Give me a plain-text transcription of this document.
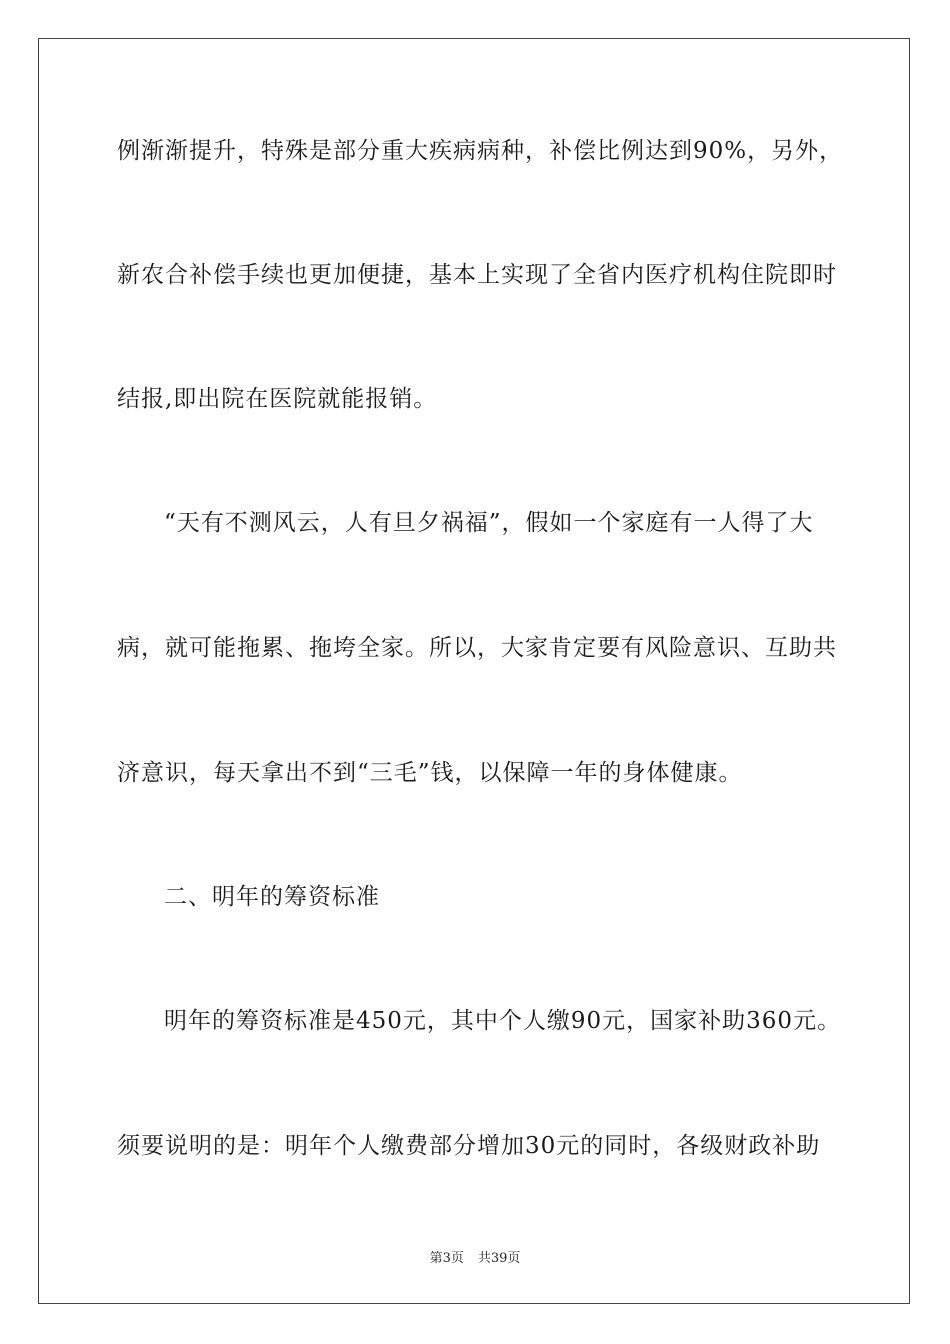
例渐渐提升，特殊是部分重大疾病病种，补偿比例达到90%，另外，
新农合补偿手续也更加便捷，基本上实现了全省内医疗机构住院即时
结报,即出院在医院就能报销。
“天有不测风云，人有旦夕祸福”，假如一个家庭有一人得了大
病，就可能拖累、拖垮全家。所以，大家肯定要有风险意识、互助共
济意识，每天拿出不到“三毛”钱，以保障一年的身体健康。
二、明年的筹资标准
明年的筹资标准是450元，其中个人缴90元，国家补助360元。
须要说明的是：明年个人缴费部分增加30元的同时，各级财政补助
第3页 共39页
